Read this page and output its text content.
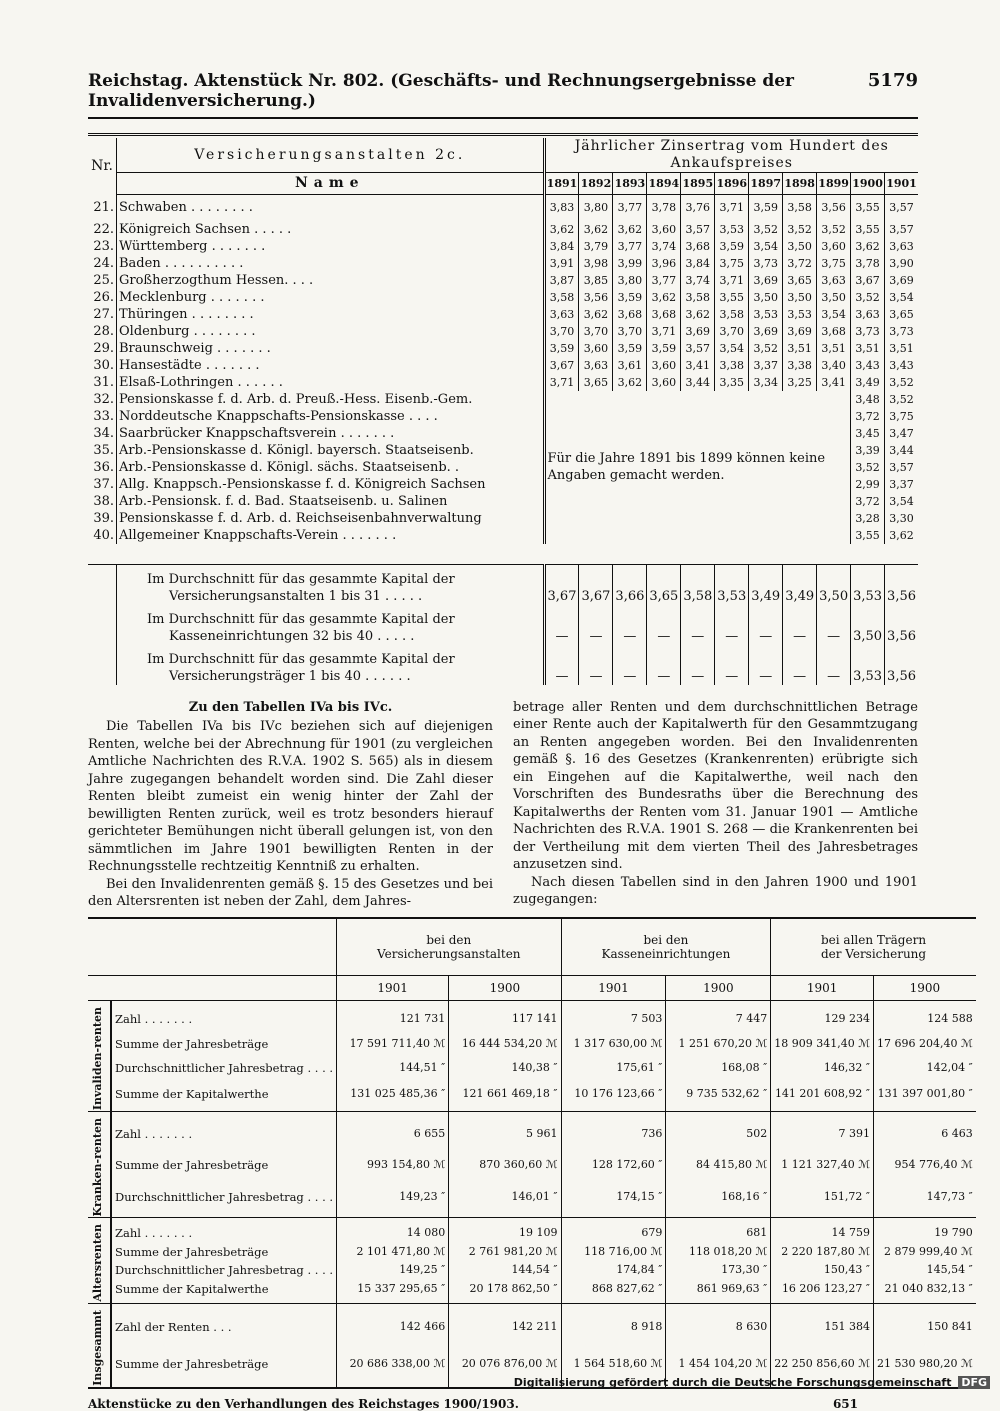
Reichstag. Aktenstück Nr. 802. (Geschäfts- und Rechnungsergebnisse der Invalidenversicherung.)
5179
Nr.	Versicherungsanstalten 2c.	Jährlicher Zinsertrag vom Hundert des Ankaufspreises										
	Name	1891	1892	1893	1894	1895	1896	1897	1898	1899	1900	1901
21.	Schwaben . . . . . . . .	3,83	3,80	3,77	3,78	3,76	3,71	3,59	3,58	3,56	3,55	3,57
22.	Königreich Sachsen . . . . .	3,62	3,62	3,62	3,60	3,57	3,53	3,52	3,52	3,52	3,55	3,57
23.	Württemberg . . . . . . .	3,84	3,79	3,77	3,74	3,68	3,59	3,54	3,50	3,60	3,62	3,63
24.	Baden . . . . . . . . . .	3,91	3,98	3,99	3,96	3,84	3,75	3,73	3,72	3,75	3,78	3,90
25.	Großherzogthum Hessen. . . .	3,87	3,85	3,80	3,77	3,74	3,71	3,69	3,65	3,63	3,67	3,69
26.	Mecklenburg . . . . . . .	3,58	3,56	3,59	3,62	3,58	3,55	3,50	3,50	3,50	3,52	3,54
27.	Thüringen . . . . . . . .	3,63	3,62	3,68	3,68	3,62	3,58	3,53	3,53	3,54	3,63	3,65
28.	Oldenburg . . . . . . . .	3,70	3,70	3,70	3,71	3,69	3,70	3,69	3,69	3,68	3,73	3,73
29.	Braunschweig . . . . . . .	3,59	3,60	3,59	3,59	3,57	3,54	3,52	3,51	3,51	3,51	3,51
30.	Hansestädte . . . . . . .	3,67	3,63	3,61	3,60	3,41	3,38	3,37	3,38	3,40	3,43	3,43
31.	Elsaß-Lothringen . . . . . .	3,71	3,65	3,62	3,60	3,44	3,35	3,34	3,25	3,41	3,49	3,52
32.	Pensionskasse f. d. Arb. d. Preuß.-Hess. Eisenb.-Gem.	Für die Jahre 1891 bis 1899 können keine Angaben gemacht werden.									3,48	3,52
33.	Norddeutsche Knappschafts-Pensionskasse . . . .										3,72	3,75
34.	Saarbrücker Knappschaftsverein . . . . . . .										3,45	3,47
35.	Arb.-Pensionskasse d. Königl. bayersch. Staatseisenb.										3,39	3,44
36.	Arb.-Pensionskasse d. Königl. sächs. Staatseisenb. .										3,52	3,57
37.	Allg. Knappsch.-Pensionskasse f. d. Königreich Sachsen										2,99	3,37
38.	Arb.-Pensionsk. f. d. Bad. Staatseisenb. u. Salinen										3,72	3,54
39.	Pensionskasse f. d. Arb. d. Reichseisenbahnverwaltung										3,28	3,30
40.	Allgemeiner Knappschafts-Verein . . . . . . .										3,55	3,62

	Im Durchschnitt für das gesammte Kapital der
Versicherungsanstalten 1 bis 31 . . . . .	3,67	3,67	3,66	3,65	3,58	3,53	3,49	3,49	3,50	3,53	3,56

	Im Durchschnitt für das gesammte Kapital der
Kasseneinrichtungen 32 bis 40 . . . . .	—	—	—	—	—	—	—	—	—	3,50	3,56

	Im Durchschnitt für das gesammte Kapital der
Versicherungsträger 1 bis 40 . . . . . .	—	—	—	—	—	—	—	—	—	3,53	3,56
Zu den Tabellen IVa bis IVc.

Die Tabellen IVa bis IVc beziehen sich auf diejenigen Renten, welche bei der Abrechnung für 1901 (zu vergleichen Amtliche Nachrichten des R.V.A. 1902 S. 565) als in diesem Jahre zugegangen behandelt worden sind. Die Zahl dieser Renten bleibt zumeist ein wenig hinter der Zahl der bewilligten Renten zurück, weil es trotz besonders hierauf gerichteter Bemühungen nicht überall gelungen ist, von den sämmtlichen im Jahre 1901 bewilligten Renten in der Rechnungsstelle rechtzeitig Kenntniß zu erhalten.

Bei den Invalidenrenten gemäß §. 15 des Gesetzes und bei den Altersrenten ist neben der Zahl, dem Jahres-

betrage aller Renten und dem durchschnittlichen Betrage einer Rente auch der Kapitalwerth für den Gesammtzugang an Renten angegeben worden. Bei den Invalidenrenten gemäß §. 16 des Gesetzes (Krankenrenten) erübrigte sich ein Eingehen auf die Kapitalwerthe, weil nach den Vorschriften des Bundesraths über die Berechnung des Kapitalwerths der Renten vom 31. Januar 1901 — Amtliche Nachrichten des R.V.A. 1901 S. 268 — die Krankenrenten bei der Vertheilung mit dem vierten Theil des Jahresbetrages anzusetzen sind.

Nach diesen Tabellen sind in den Jahren 1900 und 1901 zugegangen:

		bei den Versicherungsanstalten		bei den Kasseneinrichtungen		bei allen Trägern der Versicherung	
		1901	1900	1901	1900	1901	1900

Invaliden-renten	Zahl . . . . . . .	121 731	117 141	7 503	7 447	129 234	124 588
	Summe der Jahresbeträge	17 591 711,40 ℳ	16 444 534,20 ℳ	1 317 630,00 ℳ	1 251 670,20 ℳ	18 909 341,40 ℳ	17 696 204,40 ℳ
	Durchschnittlicher Jahresbetrag . . . .	144,51 ″	140,38 ″	175,61 ″	168,08 ″	146,32 ″	142,04 ″
	Summe der Kapitalwerthe	131 025 485,36 ″	121 661 469,18 ″	10 176 123,66 ″	9 735 532,62 ″	141 201 608,92 ″	131 397 001,80 ″

Kranken-renten	Zahl . . . . . . .	6 655	5 961	736	502	7 391	6 463
	Summe der Jahresbeträge	993 154,80 ℳ	870 360,60 ℳ	128 172,60 ″	84 415,80 ℳ	1 121 327,40 ℳ	954 776,40 ℳ
	Durchschnittlicher Jahresbetrag . . . .	149,23 ″	146,01 ″	174,15 ″	168,16 ″	151,72 ″	147,73 ″

Altersrenten	Zahl . . . . . . .	14 080	19 109	679	681	14 759	19 790
	Summe der Jahresbeträge	2 101 471,80 ℳ	2 761 981,20 ℳ	118 716,00 ℳ	118 018,20 ℳ	2 220 187,80 ℳ	2 879 999,40 ℳ
	Durchschnittlicher Jahresbetrag . . . .	149,25 ″	144,54 ″	174,84 ″	173,30 ″	150,43 ″	145,54 ″
	Summe der Kapitalwerthe	15 337 295,65 ″	20 178 862,50 ″	868 827,62 ″	861 969,63 ″	16 206 123,27 ″	21 040 832,13 ″

Insgesammt	Zahl der Renten . . .	142 466	142 211	8 918	8 630	151 384	150 841
	Summe der Jahresbeträge	20 686 338,00 ℳ	20 076 876,00 ℳ	1 564 518,60 ℳ	1 454 104,20 ℳ	22 250 856,60 ℳ	21 530 980,20 ℳ
Aktenstücke zu den Verhandlungen des Reichstages 1900/1903.	651
Digitalisierung gefördert durch die Deutsche Forschungsgemeinschaft DFG
